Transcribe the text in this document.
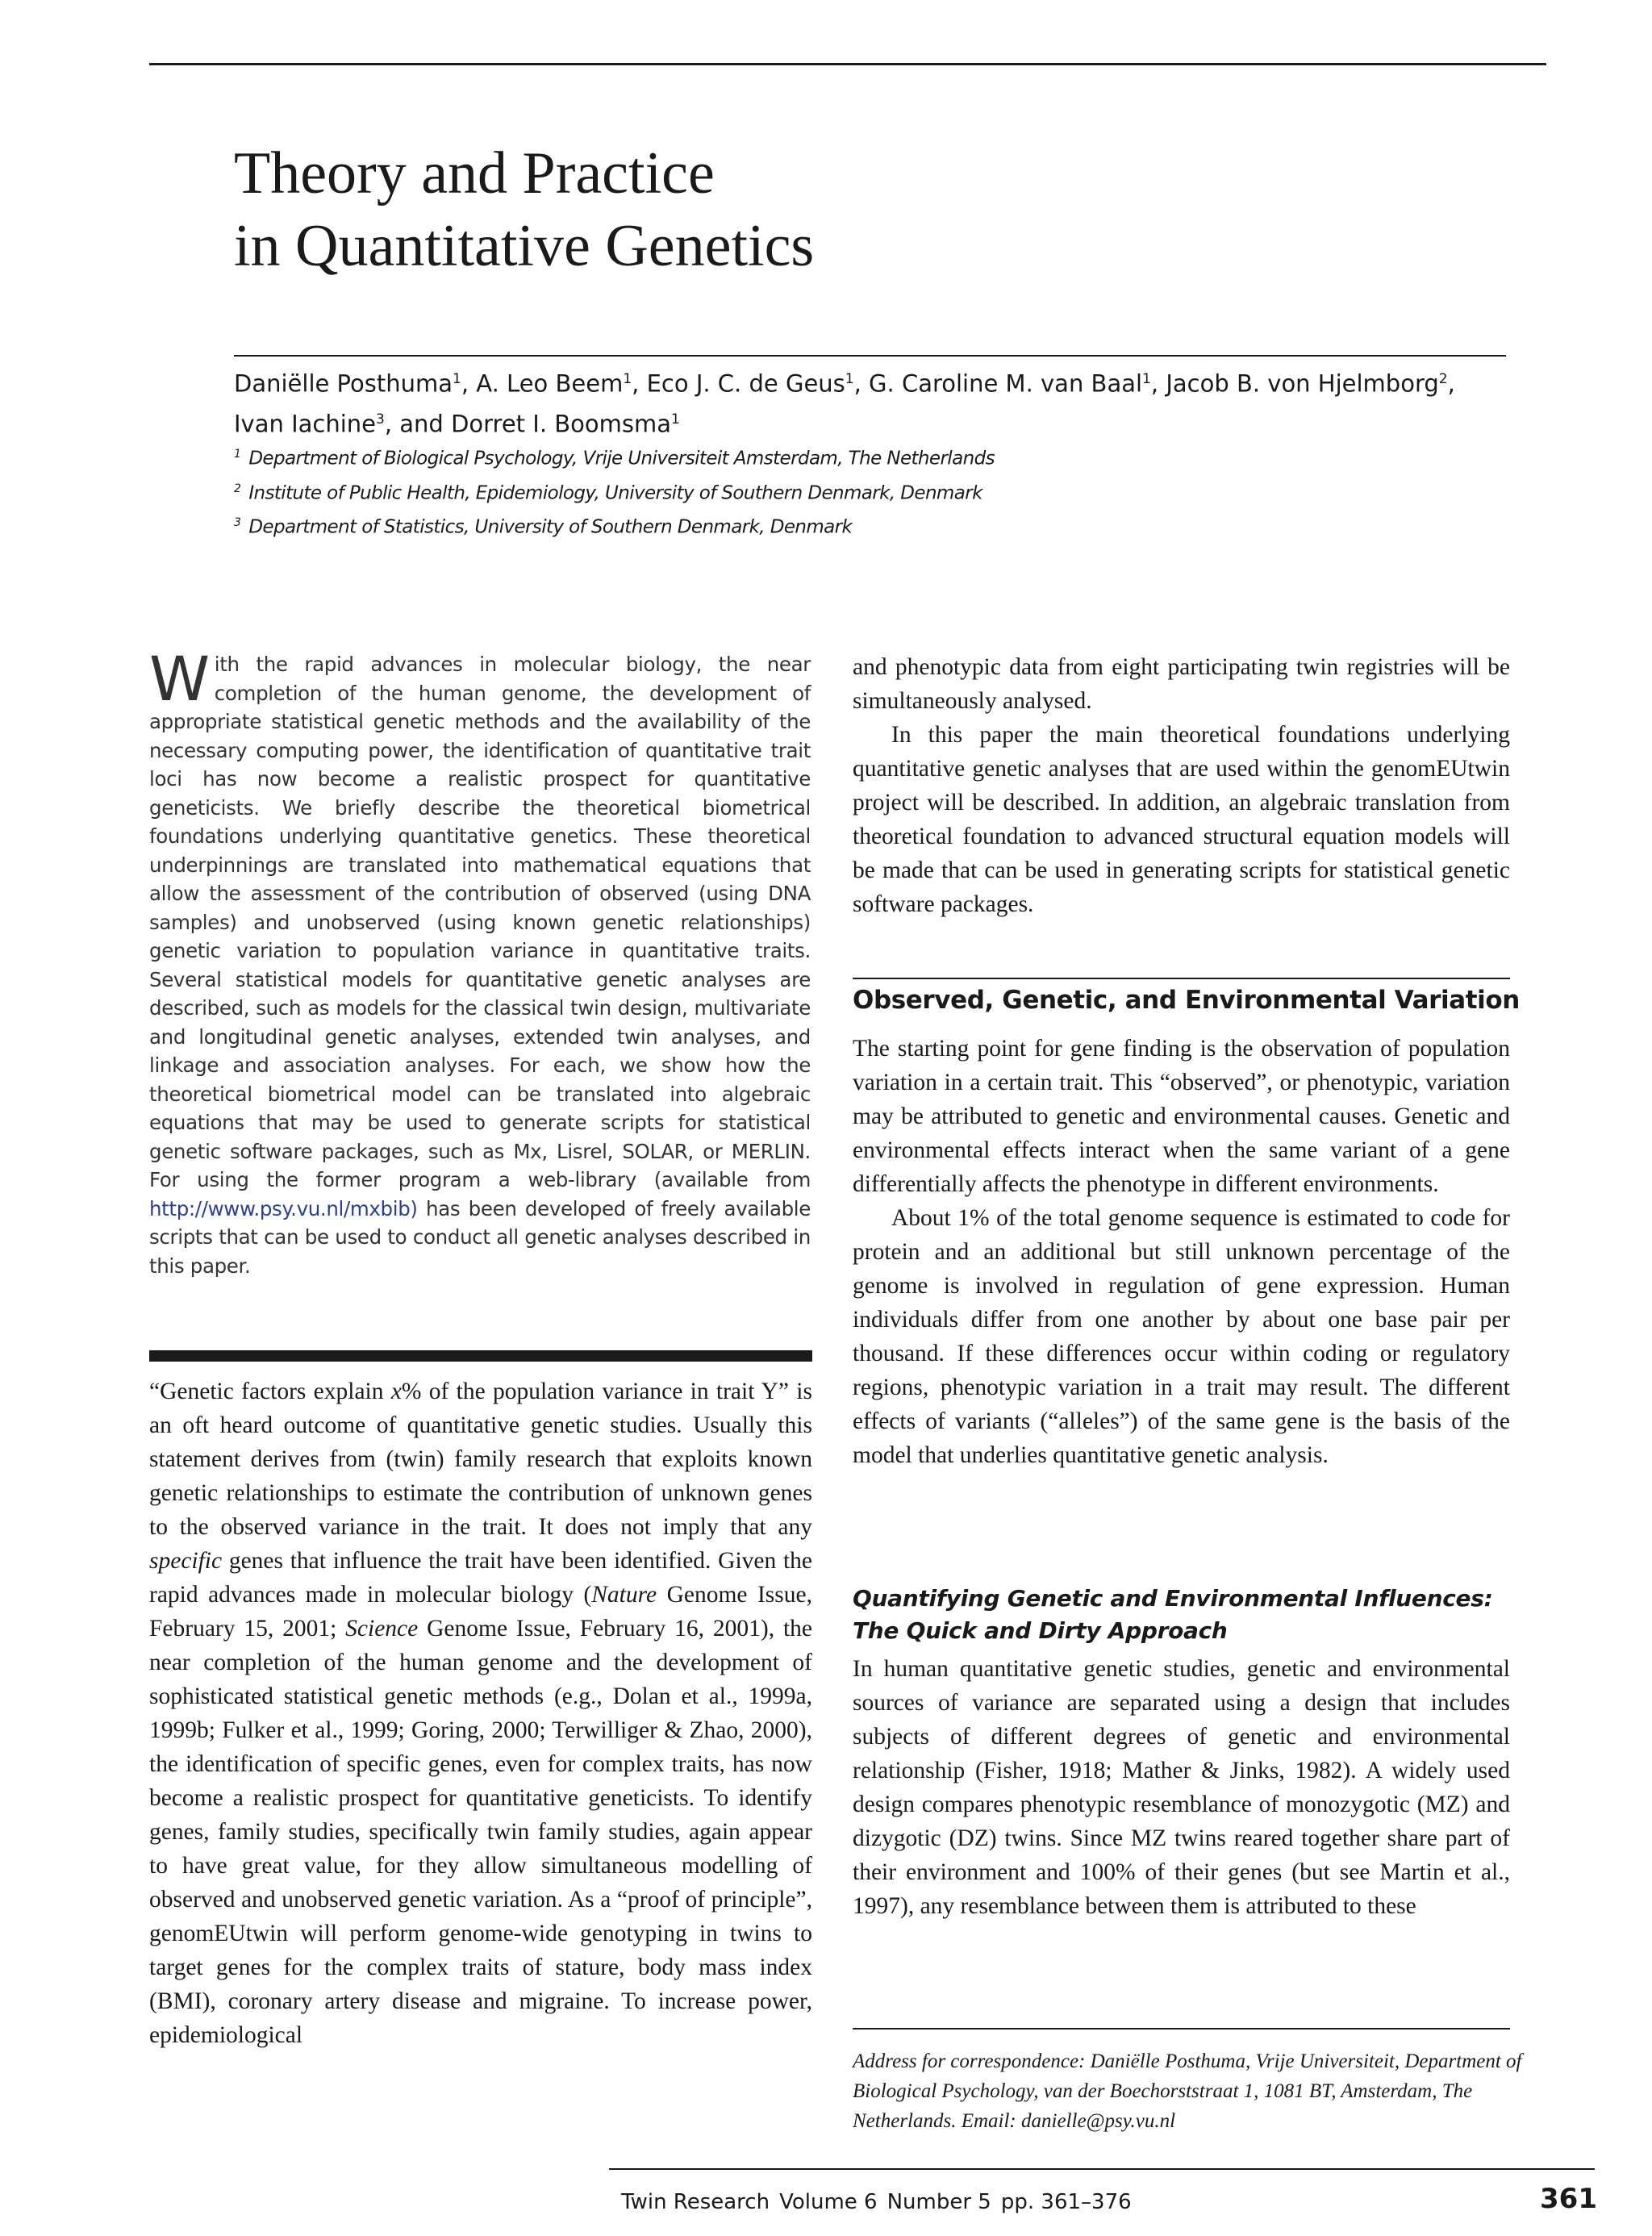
Theory and Practice
in Quantitative Genetics
Daniëlle Posthuma$^1$, A. Leo Beem$^1$, Eco J. C. de Geus$^1$, G. Caroline M. van Baal$^1$, Jacob B. von Hjelmborg$^2$,
Ivan Iachine$^3$, and Dorret I. Boomsma$^1$
$^1$ Department of Biological Psychology, Vrije Universiteit Amsterdam, The Netherlands
$^2$ Institute of Public Health, Epidemiology, University of Southern Denmark, Denmark
$^3$ Department of Statistics, University of Southern Denmark, Denmark
With the rapid advances in molecular biology, the near completion of the human genome, the development of appropriate statistical genetic methods and the availability of the necessary computing power, the identification of quantitative trait loci has now become a realistic prospect for quantitative geneticists. We briefly describe the theoretical biometrical foundations underlying quantitative genetics. These theoretical underpinnings are translated into mathematical equations that allow the assessment of the contribution of observed (using DNA samples) and unobserved (using known genetic relationships) genetic variation to population variance in quantitative traits. Several statistical models for quantitative genetic analyses are described, such as models for the classical twin design, multivariate and longitudinal genetic analyses, extended twin analyses, and linkage and association analyses. For each, we show how the theoretical biometrical model can be translated into algebraic equations that may be used to generate scripts for statistical genetic software packages, such as Mx, Lisrel, SOLAR, or MERLIN. For using the former program a web-library (available from http://www.psy.vu.nl/mxbib) has been developed of freely available scripts that can be used to conduct all genetic analyses described in this paper.

“Genetic factors explain x% of the population variance in trait Y” is an oft heard outcome of quantitative genetic studies. Usually this statement derives from (twin) family research that exploits known genetic relationships to estimate the contribution of unknown genes to the observed variance in the trait. It does not imply that any specific genes that influence the trait have been identified. Given the rapid advances made in molecular biology (Nature Genome Issue, February 15, 2001; Science Genome Issue, February 16, 2001), the near completion of the human genome and the development of sophisticated statistical genetic methods (e.g., Dolan et al., 1999a, 1999b; Fulker et al., 1999; Goring, 2000; Terwilliger & Zhao, 2000), the identification of specific genes, even for complex traits, has now become a realistic prospect for quantitative geneticists. To identify genes, family studies, specifically twin family studies, again appear to have great value, for they allow simultaneous modelling of observed and unobserved genetic variation. As a “proof of principle”, genomEUtwin will perform genome-wide genotyping in twins to target genes for the complex traits of stature, body mass index (BMI), coronary artery disease and migraine. To increase power, epidemiological

and phenotypic data from eight participating twin registries will be simultaneously analysed.

In this paper the main theoretical foundations underlying quantitative genetic analyses that are used within the genomEUtwin project will be described. In addition, an algebraic translation from theoretical foundation to advanced structural equation models will be made that can be used in generating scripts for statistical genetic software packages.

Observed, Genetic, and Environmental Variation

The starting point for gene finding is the observation of population variation in a certain trait. This “observed”, or phenotypic, variation may be attributed to genetic and environmental causes. Genetic and environmental effects interact when the same variant of a gene differentially affects the phenotype in different environments.

About 1% of the total genome sequence is estimated to code for protein and an additional but still unknown percentage of the genome is involved in regulation of gene expression. Human individuals differ from one another by about one base pair per thousand. If these differences occur within coding or regulatory regions, phenotypic variation in a trait may result. The different effects of variants (“alleles”) of the same gene is the basis of the model that underlies quantitative genetic analysis.

Quantifying Genetic and Environmental Influences:
The Quick and Dirty Approach

In human quantitative genetic studies, genetic and environmental sources of variance are separated using a design that includes subjects of different degrees of genetic and environmental relationship (Fisher, 1918; Mather & Jinks, 1982). A widely used design compares phenotypic resemblance of monozygotic (MZ) and dizygotic (DZ) twins. Since MZ twins reared together share part of their environment and 100% of their genes (but see Martin et al., 1997), any resemblance between them is attributed to these

Address for correspondence: Daniëlle Posthuma, Vrije Universiteit, Department of Biological Psychology, van der Boechorststraat 1, 1081 BT, Amsterdam, The Netherlands. Email: danielle@psy.vu.nl
Twin Research Volume 6 Number 5 pp. 361–376	361
